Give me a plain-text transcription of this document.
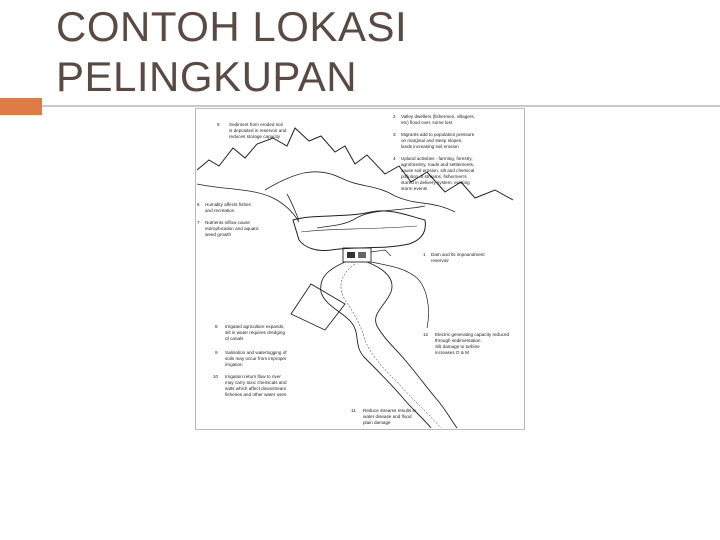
CONTOH LOKASI
PELINGKUPAN
5 Sediment from eroded soil
is deposited in reservoir and
reduces storage capacity
6 Humidity affects fishes
and recreation
7 Nutrients inflow cause
eutrophication and aquatic
weed growth
8 Irrigated agriculture expands;
silt in water requires dredging
of canals
9 Salination and waterlogging of
soils may occur from improper
irrigation
10 Irrigation return flow to river
may carry toxic chemicals and
salts which affect downstream
fisheries and other water uses
2 Valley dwellers (fishermen, villagers,
etc) flood over, some lost
3 Migrants add to population pressure
on marginal and steep slopes,
lands increasing soil erosion
4 Upland activities - farming, forestry,
agroforestry, roads and settlements,
cause soil erosion, silt and chemical
pollution of streams, fishermen's
stored in delivery system, existing
storm events
1 Dam and its impoundment
reservoir
12 Electric generating capacity reduced
through sedimentation.
Silt damage to turbine
increases O & M
11 Reduce streams results in
water disease and flood
plain damage
